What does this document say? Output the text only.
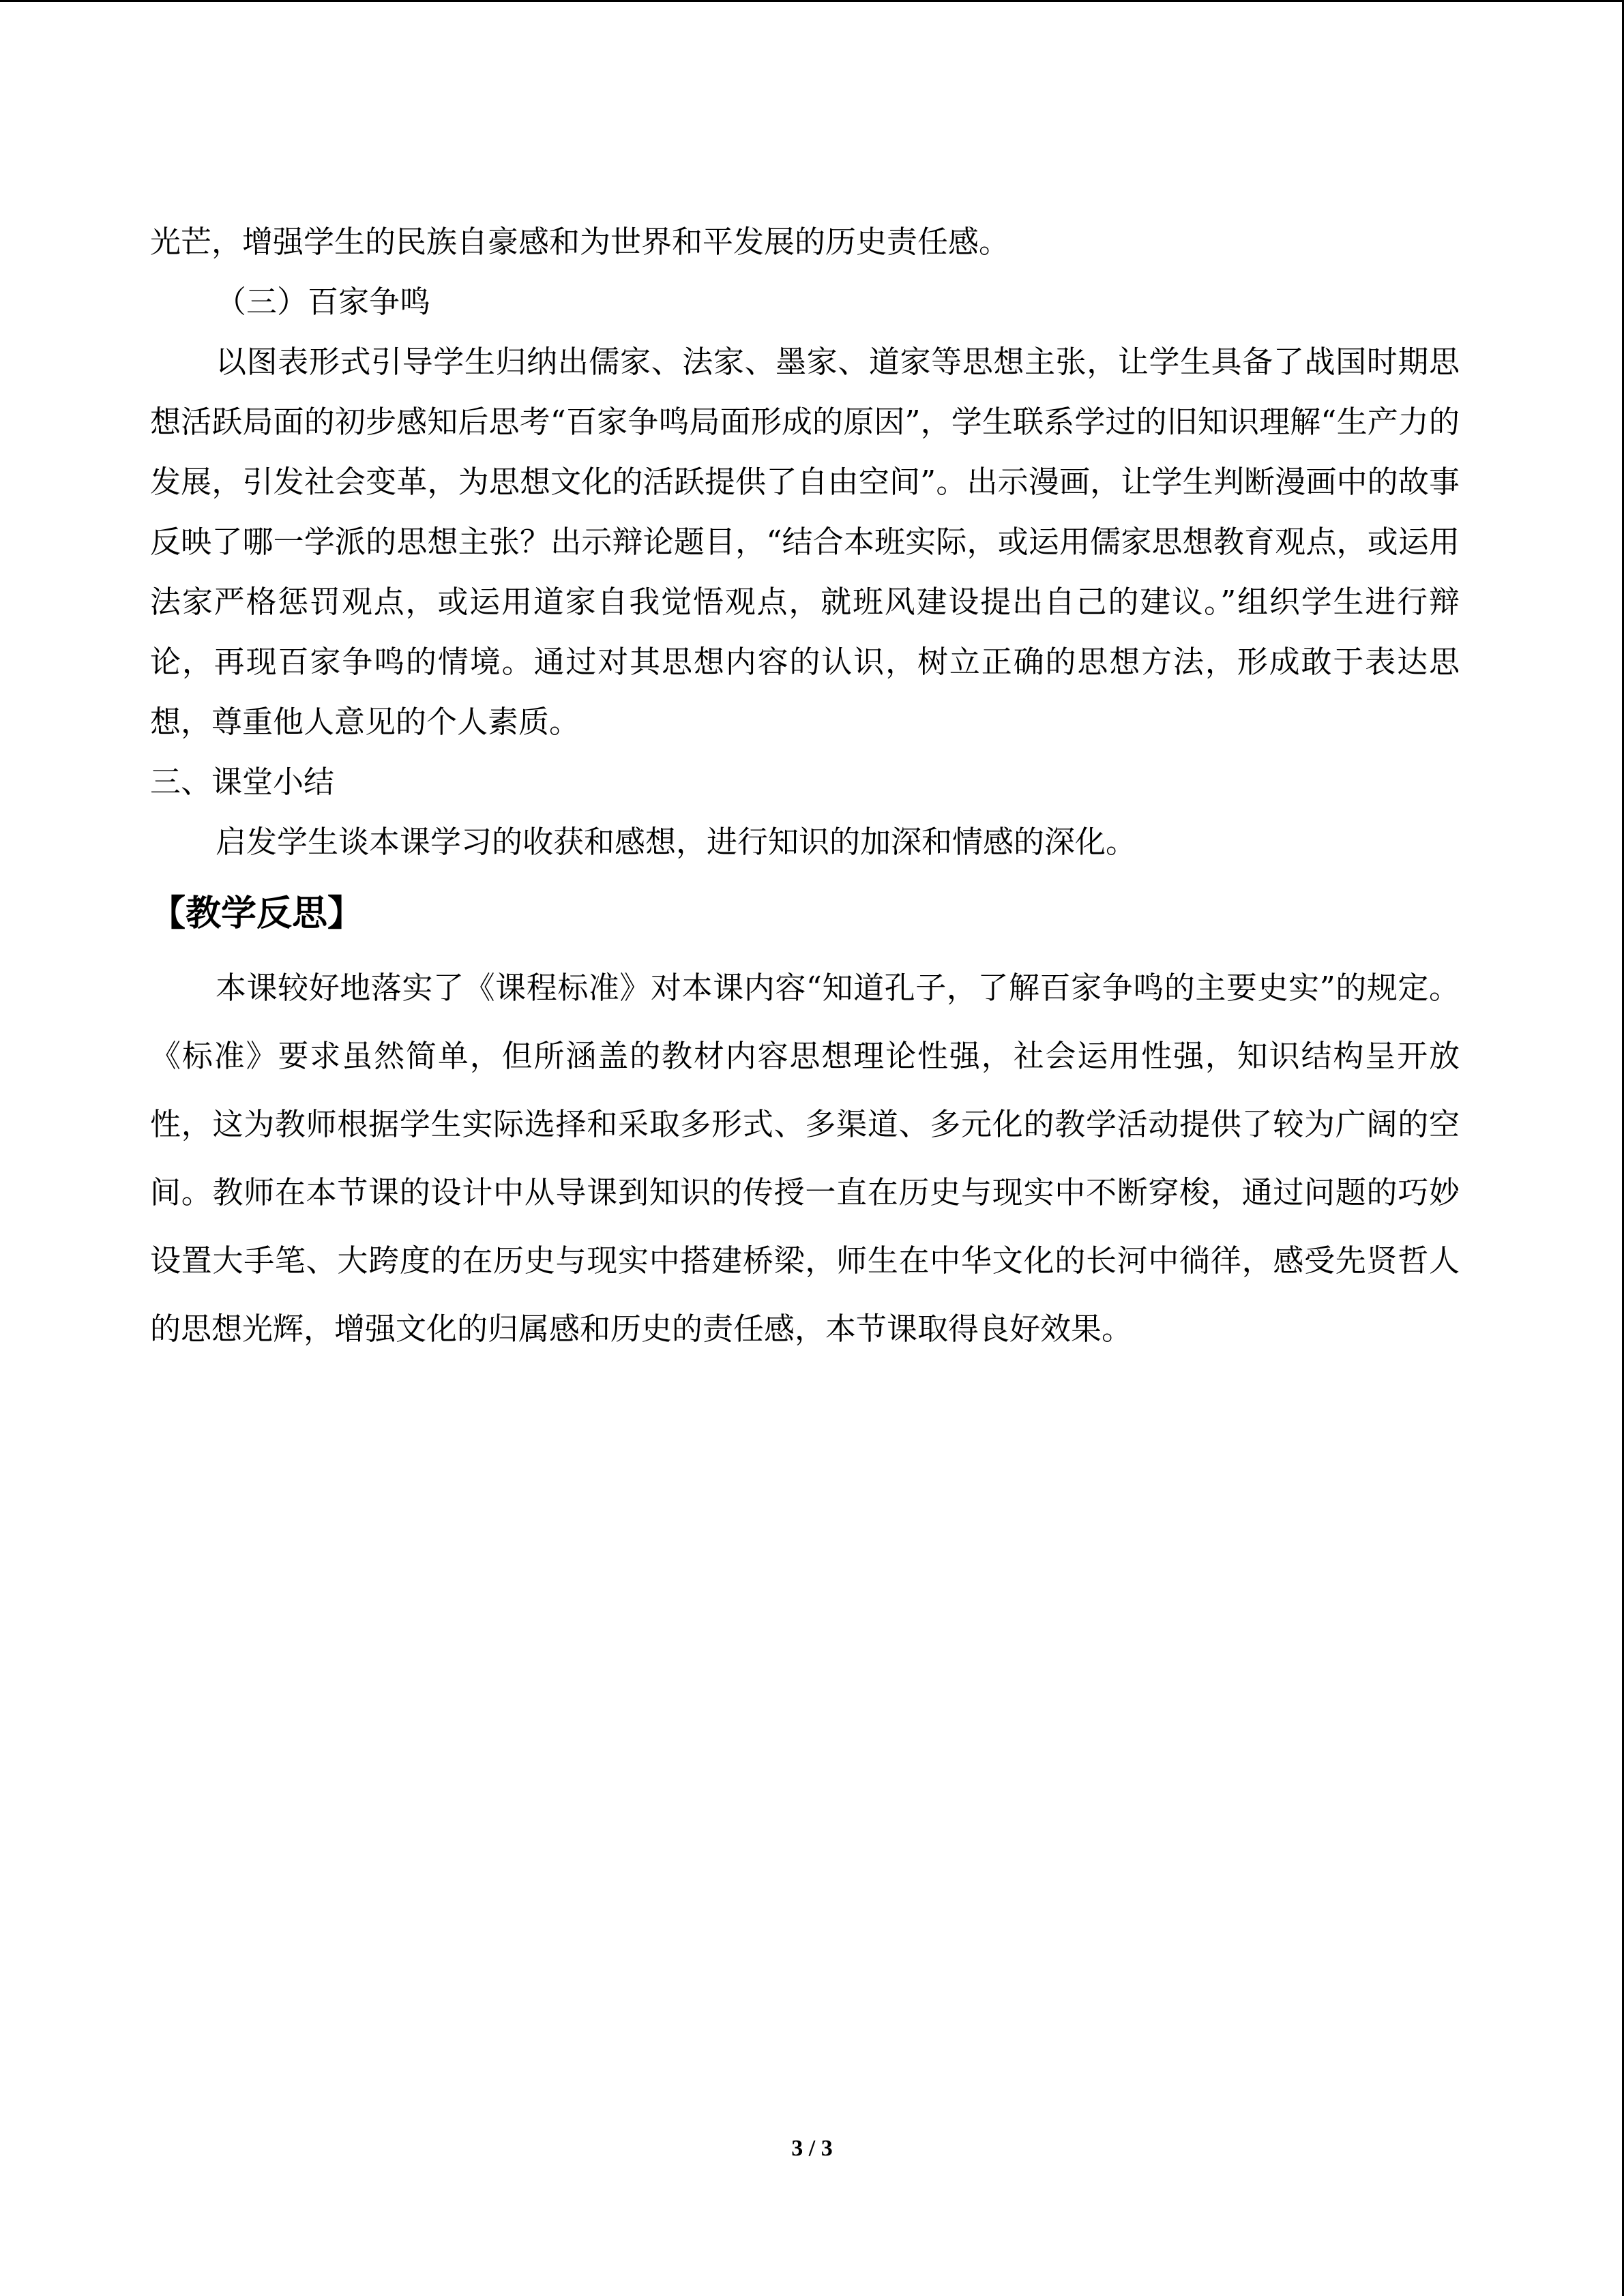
光芒，增强学生的民族自豪感和为世界和平发展的历史责任感。

（三）百家争鸣

以图表形式引导学生归纳出儒家、法家、墨家、道家等思想主张，让学生具备了战国时期思想活跃局面的初步感知后思考“百家争鸣局面形成的原因”，学生联系学过的旧知识理解“生产力的发展，引发社会变革，为思想文化的活跃提供了自由空间”。出示漫画，让学生判断漫画中的故事反映了哪一学派的思想主张？出示辩论题目，“结合本班实际，或运用儒家思想教育观点，或运用法家严格惩罚观点，或运用道家自我觉悟观点，就班风建设提出自己的建议。”组织学生进行辩论，再现百家争鸣的情境。通过对其思想内容的认识，树立正确的思想方法，形成敢于表达思想，尊重他人意见的个人素质。

三、课堂小结

启发学生谈本课学习的收获和感想，进行知识的加深和情感的深化。

【教学反思】

本课较好地落实了《课程标准》对本课内容“知道孔子，了解百家争鸣的主要史实”的规定。《标准》要求虽然简单，但所涵盖的教材内容思想理论性强，社会运用性强，知识结构呈开放性，这为教师根据学生实际选择和采取多形式、多渠道、多元化的教学活动提供了较为广阔的空间。教师在本节课的设计中从导课到知识的传授一直在历史与现实中不断穿梭，通过问题的巧妙设置大手笔、大跨度的在历史与现实中搭建桥梁，师生在中华文化的长河中徜徉，感受先贤哲人的思想光辉，增强文化的归属感和历史的责任感，本节课取得良好效果。

3 / 3
